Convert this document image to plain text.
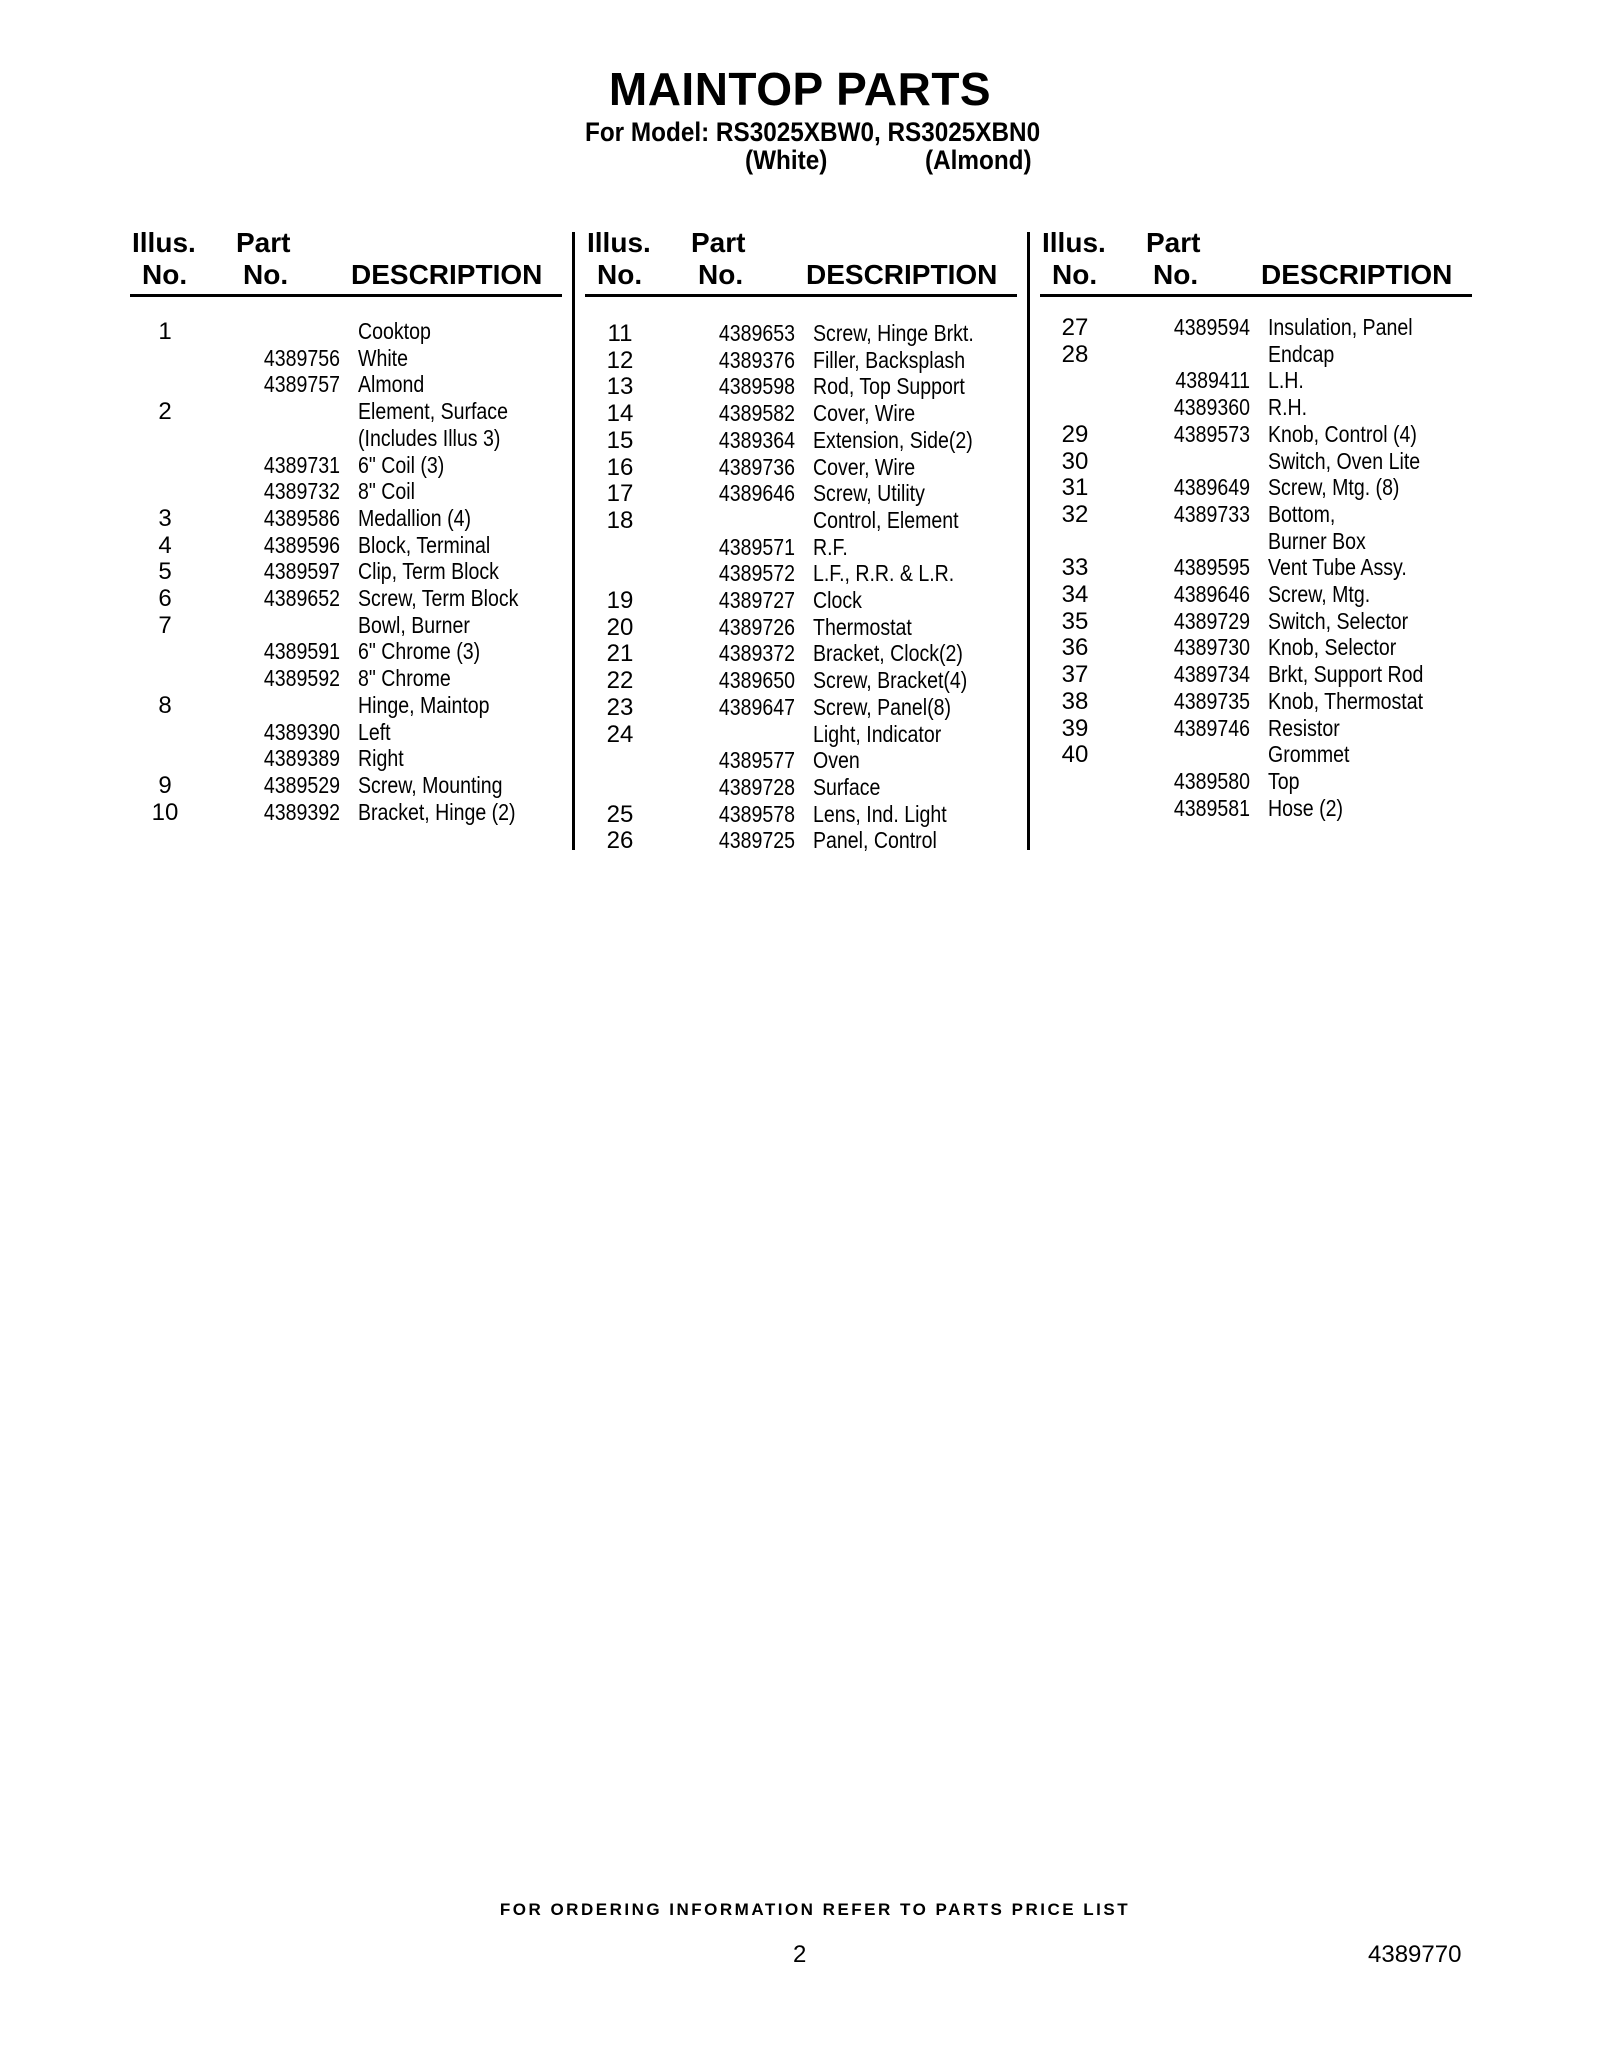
MAINTOP PARTS
For Model: RS3025XBW0, RS3025XBN0
(White)	(Almond)
Illus.
No.
Part
No. DESCRIPTION
1	Cooktop
4389756 White
4389757 Almond
2	Element, Surface
(Includes Illus 3)
4389731 6" Coil (3)
4389732 8" Coil
3	4389586 Medallion (4)
4	4389596 Block, Terminal
5	4389597 Clip, Term Block
6	4389652 Screw, Term Block
7	Bowl, Burner
4389591 6" Chrome (3)
4389592 8" Chrome
8	Hinge, Maintop
4389390 Left
4389389 Right
9	4389529 Screw, Mounting
10	4389392 Bracket, Hinge (2)
Illus.
No.
Part
No. DESCRIPTION
11	4389653 Screw, Hinge Brkt.
12	4389376 Filler, Backsplash
13	4389598 Rod, Top Support
14	4389582 Cover, Wire
15	4389364 Extension, Side(2)
16	4389736 Cover, Wire
17	4389646 Screw, Utility
18	Control, Element
4389571 R.F.
4389572 L.F., R.R. & L.R.
19	4389727 Clock
20	4389726 Thermostat
21	4389372 Bracket, Clock(2)
22	4389650 Screw, Bracket(4)
23	4389647 Screw, Panel(8)
24	Light, Indicator
4389577 Oven
4389728 Surface
25	4389578 Lens, Ind. Light
26	4389725 Panel, Control
Illus.
No.
Part
No. DESCRIPTION
27	4389594 Insulation, Panel
28	Endcap
4389411 L.H.
4389360 R.H.
29	4389573 Knob, Control (4)
30	Switch, Oven Lite
31	4389649 Screw, Mtg. (8)
32	4389733 Bottom,
Burner Box
33	4389595 Vent Tube Assy.
34	4389646 Screw, Mtg.
35	4389729 Switch, Selector
36	4389730 Knob, Selector
37	4389734 Brkt, Support Rod
38	4389735 Knob, Thermostat
39	4389746 Resistor
40	Grommet
4389580 Top
4389581 Hose (2)
FOR ORDERING INFORMATION REFER TO PARTS PRICE LIST
2	4389770
